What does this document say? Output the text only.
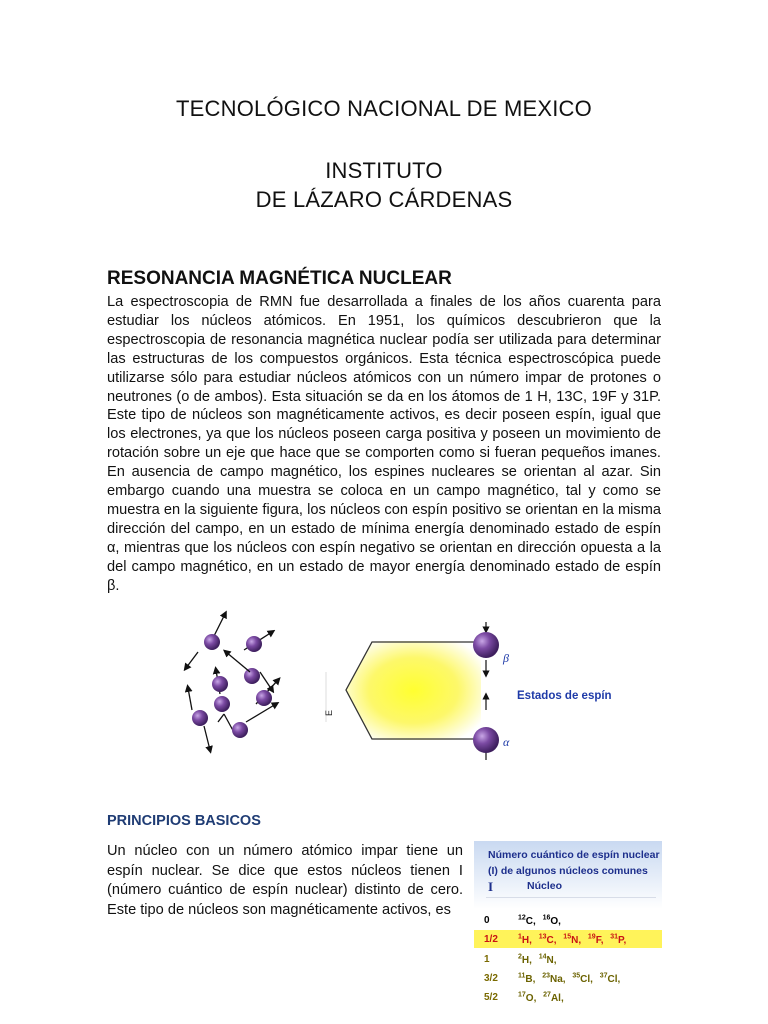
TECNOLÓGICO NACIONAL DE MEXICO
INSTITUTO
DE LÁZARO CÁRDENAS
RESONANCIA MAGNÉTICA NUCLEAR
La espectroscopia de RMN fue desarrollada a finales de los años cuarenta para estudiar los núcleos atómicos. En 1951, los químicos descubrieron que la espectroscopia de resonancia magnética nuclear podía ser utilizada para determinar las estructuras de los compuestos orgánicos. Esta técnica espectroscópica puede utilizarse sólo para estudiar núcleos atómicos con un número impar de protones o neutrones (o de ambos). Esta situación se da en los átomos de 1 H, 13C, 19F y 31P. Este tipo de núcleos son magnéticamente activos, es decir poseen espín, igual que los electrones, ya que los núcleos poseen carga positiva y poseen un movimiento de rotación sobre un eje que hace que se comporten como si fueran pequeños imanes. En ausencia de campo magnético, los espines nucleares se orientan al azar. Sin embargo cuando una muestra se coloca en un campo magnético, tal y como se muestra en la siguiente figura, los núcleos con espín positivo se orientan en la misma dirección del campo, en un estado de mínima energía denominado estado de espín α, mientras que los núcleos con espín negativo se orientan en dirección opuesta a la del campo magnético, en un estado de mayor energía denominado estado de espín β.
E
β
α
Estados de espín
PRINCIPIOS BASICOS
Un núcleo con un número atómico impar tiene un espín nuclear. Se dice que estos núcleos tienen I (número cuántico de espín nuclear) distinto de cero. Este tipo de núcleos son magnéticamente activos, es
Número cuántico de espín nuclear
(I) de algunos núcleos comunes
I	Núcleo
0	$^{12}$C, $^{16}$O,
1/2	$^1$H, $^{13}$C, $^{15}$N, $^{19}$F, $^{31}$P,
1	$^2$H, $^{14}$N,
3/2	$^{11}$B, $^{23}$Na, $^{35}$Cl, $^{37}$Cl,
5/2	$^{17}$O, $^{27}$Al,
